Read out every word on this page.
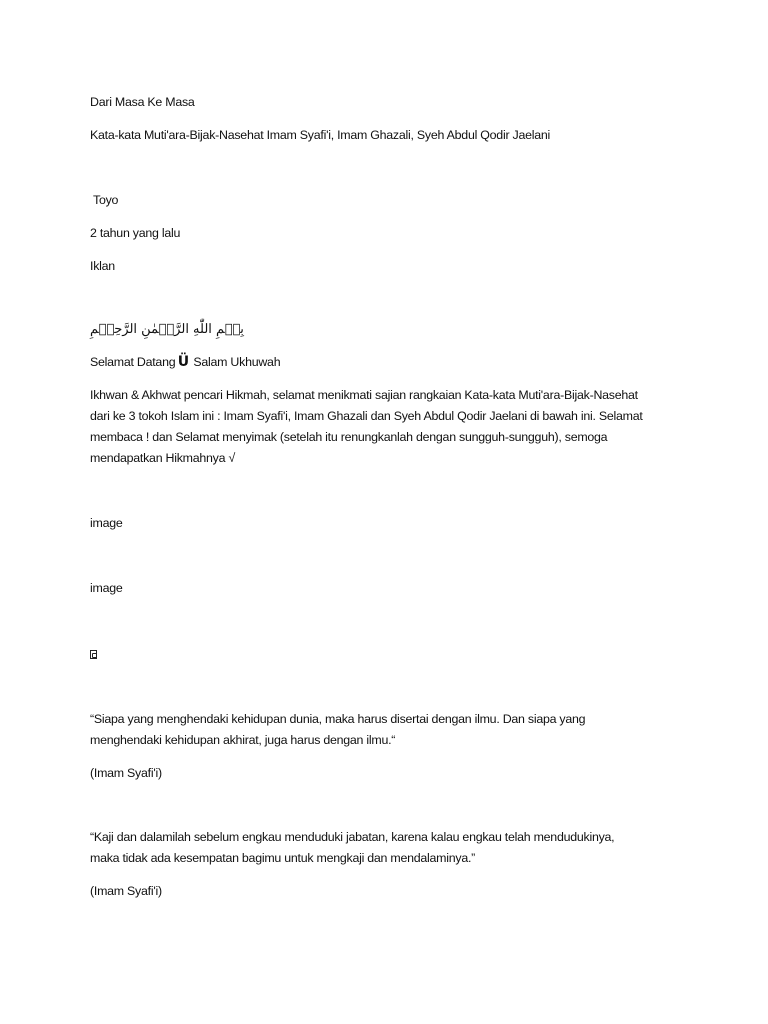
Dari Masa Ke Masa

Kata-kata Muti'ara-Bijak-Nasehat Imam Syafi'i, Imam Ghazali, Syeh Abdul Qodir Jaelani

Toyo

2 tahun yang lalu

Iklan

بِسۡمِ اللّٰهِ الرَّحۡمٰنِ الرَّحِيۡمِ

Selamat Datang Ü Salam Ukhuwah

Ikhwan & Akhwat pencari Hikmah, selamat menikmati sajian rangkaian Kata-kata Muti'ara-Bijak-Nasehat

dari ke 3 tokoh Islam ini : Imam Syafi'i, Imam Ghazali dan Syeh Abdul Qodir Jaelani di bawah ini. Selamat

membaca ! dan Selamat menyimak (setelah itu renungkanlah dengan sungguh-sungguh), semoga

mendapatkan Hikmahnya √

image

image

“Siapa yang menghendaki kehidupan dunia, maka harus disertai dengan ilmu. Dan siapa yang

menghendaki kehidupan akhirat, juga harus dengan ilmu.“

(Imam Syafi'i)

“Kaji dan dalamilah sebelum engkau menduduki jabatan, karena kalau engkau telah mendudukinya,

maka tidak ada kesempatan bagimu untuk mengkaji dan mendalaminya.”

(Imam Syafi'i)
